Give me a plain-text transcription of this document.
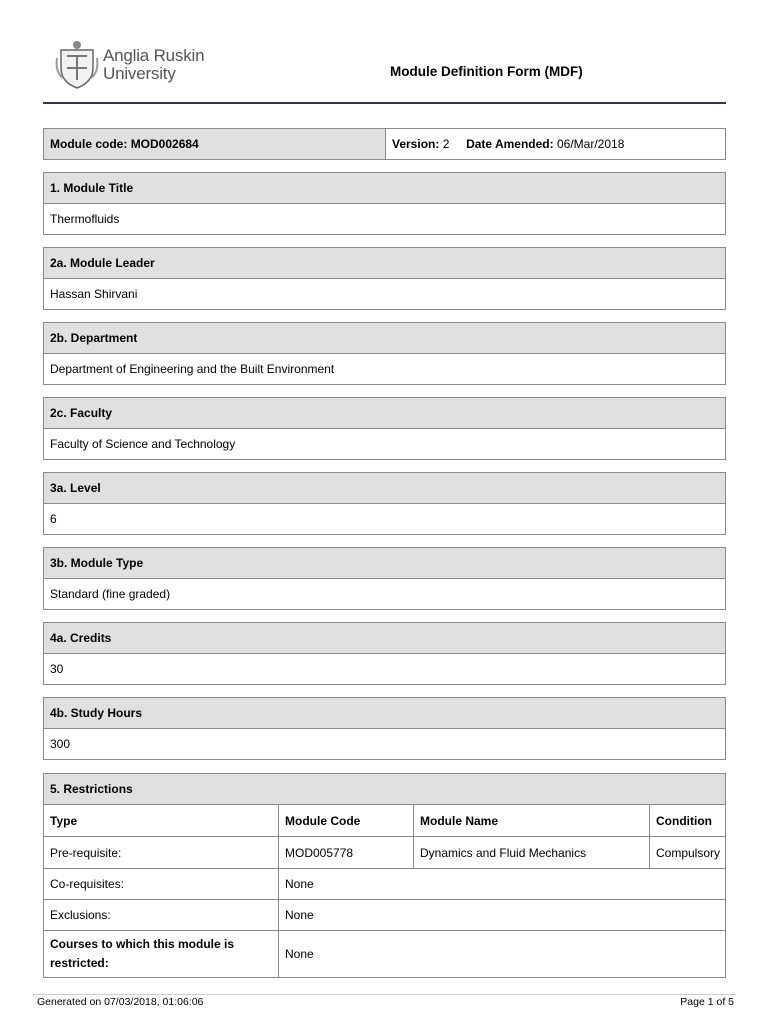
Anglia Ruskin
University	Module Definition Form (MDF)
Module code: MOD002684	Version: 2 Date Amended: 06/Mar/2018
1. Module Title
Thermofluids
2a. Module Leader
Hassan Shirvani
2b. Department
Department of Engineering and the Built Environment
2c. Faculty
Faculty of Science and Technology
3a. Level
6
3b. Module Type
Standard (fine graded)
4a. Credits
30
4b. Study Hours
300
5. Restrictions			
Type	Module Code	Module Name	Condition
Pre-requisite:	MOD005778	Dynamics and Fluid Mechanics	Compulsory
Co-requisites:	None		
Exclusions:	None		
Courses to which this module is restricted:	None		
Generated on 07/03/2018, 01:06:06	Page 1 of 5
